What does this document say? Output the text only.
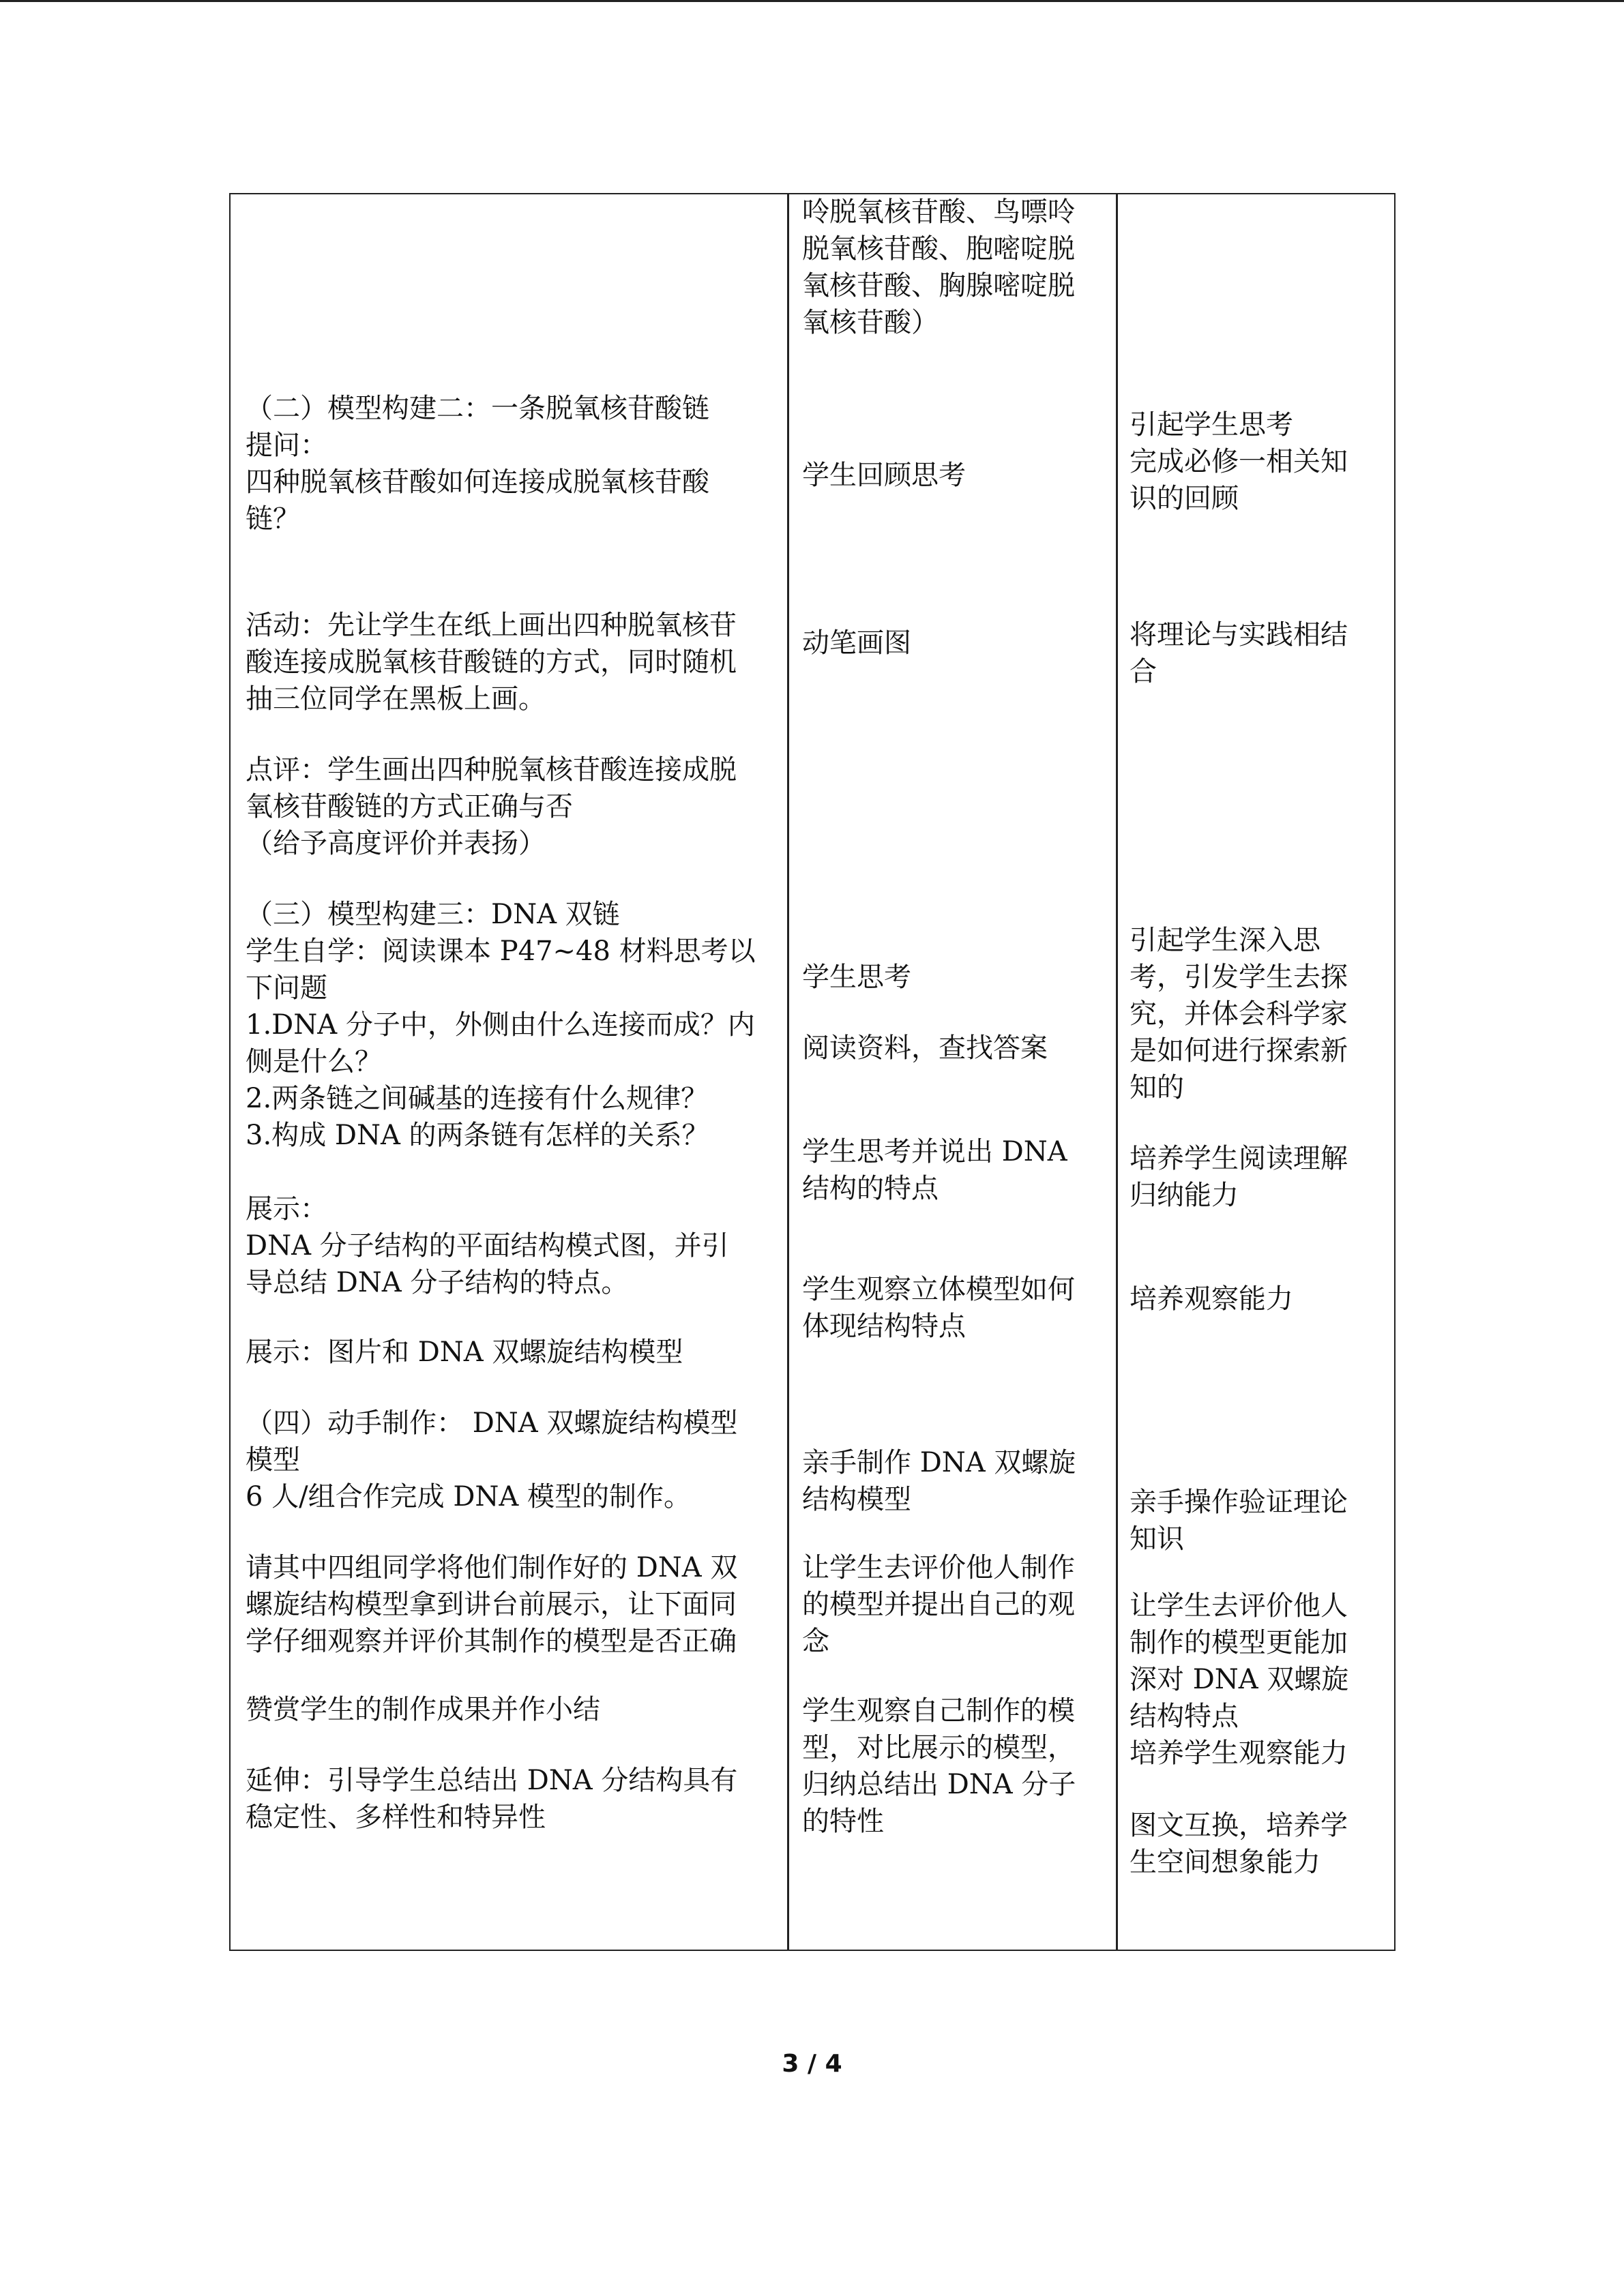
（二）模型构建二：一条脱氧核苷酸链
提问：
四种脱氧核苷酸如何连接成脱氧核苷酸
链？
活动：先让学生在纸上画出四种脱氧核苷
酸连接成脱氧核苷酸链的方式，同时随机
抽三位同学在黑板上画。
点评：学生画出四种脱氧核苷酸连接成脱
氧核苷酸链的方式正确与否
（给予高度评价并表扬）
（三）模型构建三：DNA 双链
学生自学：阅读课本 P47~48 材料思考以
下问题
1.DNA 分子中，外侧由什么连接而成？内
侧是什么？
2.两条链之间碱基的连接有什么规律？
3.构成 DNA 的两条链有怎样的关系？
展示：
DNA 分子结构的平面结构模式图，并引
导总结 DNA 分子结构的特点。
展示：图片和 DNA 双螺旋结构模型
（四）动手制作： DNA 双螺旋结构模型
模型
6 人/组合作完成 DNA 模型的制作。
请其中四组同学将他们制作好的 DNA 双
螺旋结构模型拿到讲台前展示，让下面同
学仔细观察并评价其制作的模型是否正确
赞赏学生的制作成果并作小结
延伸：引导学生总结出 DNA 分结构具有
稳定性、多样性和特异性
呤脱氧核苷酸、鸟嘌呤
脱氧核苷酸、胞嘧啶脱
氧核苷酸、胸腺嘧啶脱
氧核苷酸）
学生回顾思考
动笔画图
学生思考
阅读资料，查找答案
学生思考并说出 DNA
结构的特点
学生观察立体模型如何
体现结构特点
亲手制作 DNA 双螺旋
结构模型
让学生去评价他人制作
的模型并提出自己的观
念
学生观察自己制作的模
型，对比展示的模型，
归纳总结出 DNA 分子
的特性
引起学生思考
完成必修一相关知
识的回顾
将理论与实践相结
合
引起学生深入思
考，引发学生去探
究，并体会科学家
是如何进行探索新
知的
培养学生阅读理解
归纳能力
培养观察能力
亲手操作验证理论
知识
让学生去评价他人
制作的模型更能加
深对 DNA 双螺旋
结构特点
培养学生观察能力
图文互换，培养学
生空间想象能力
3 / 4
